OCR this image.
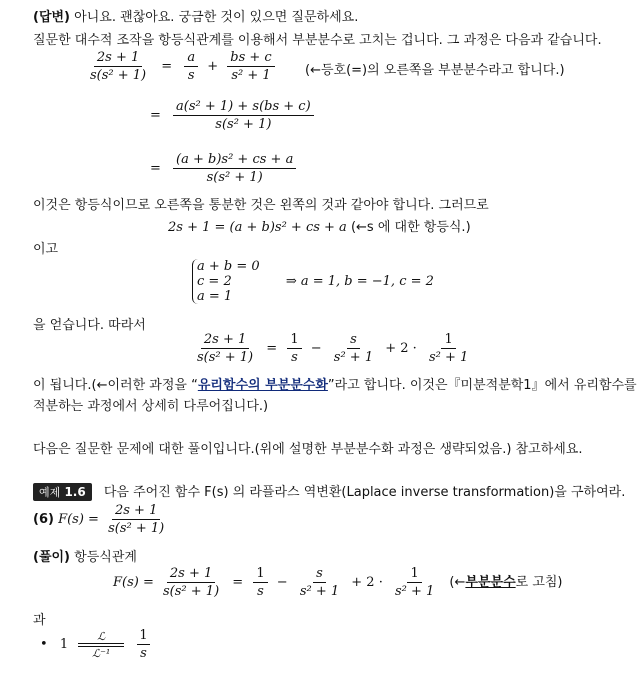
(답변) 아니요. 괜찮아요. 궁금한 것이 있으면 질문하세요.
질문한 대수적 조작을 항등식관계를 이용해서 부분분수로 고치는 겁니다. 그 과정은 다음과 같습니다.
$\frac{2s + 1}{\text{s(s² + 1)}} = \frac{a}{s} + \frac{bs + c}{\text{s² + 1}}$ (←등호(=)의 오른쪽을 부분분수라고 합니다.)
= $\frac{\text{a(s² + 1) + s(bs + c)}}{\text{s(s² + 1)}}$
= $\frac{\text{(a + b)s² + cs + a}}{\text{s(s² + 1)}}$
이것은 항등식이므로 오른쪽을 통분한 것은 왼쪽의 것과 같아야 합니다. 그러므로
2s + 1 = (a + b)s² + cs + a (←s 에 대한 항등식.)
이고
a + b = 0
c = 2
a = 1 ⇒ a = 1, b = −1, c = 2
을 얻습니다. 따라서
$\frac{2s + 1}{\text{s(s² + 1)}} = \frac{1}{s} - \frac{s}{\text{s² + 1}} + 2 \cdot \frac{1}{\text{s² + 1}}$
이 됩니다.(←이러한 과정을 “유리함수의 부분분수화”라고 합니다. 이것은『미분적분학1』에서 유리함수를
적분하는 과정에서 상세히 다루어집니다.)
다음은 질문한 문제에 대한 풀이입니다.(위에 설명한 부분분수화 과정은 생략되었음.) 참고하세요.
예제 1.6 다음 주어진 함수 F(s) 의 라플라스 역변환(Laplace inverse transformation)을 구하여라.
(6) $F(s) = \frac{2s + 1}{\text{s(s² + 1)}}$
(풀이) 항등식관계
$F(s) = \frac{2s + 1}{\text{s(s² + 1)}} = \frac{1}{s} - \frac{s}{\text{s² + 1}} + 2 \cdot \frac{1}{\text{s² + 1}}$ (←부분분수로 고침)
과
• 1
ℒ
ℒ⁻¹
$\frac{1}{s}$
